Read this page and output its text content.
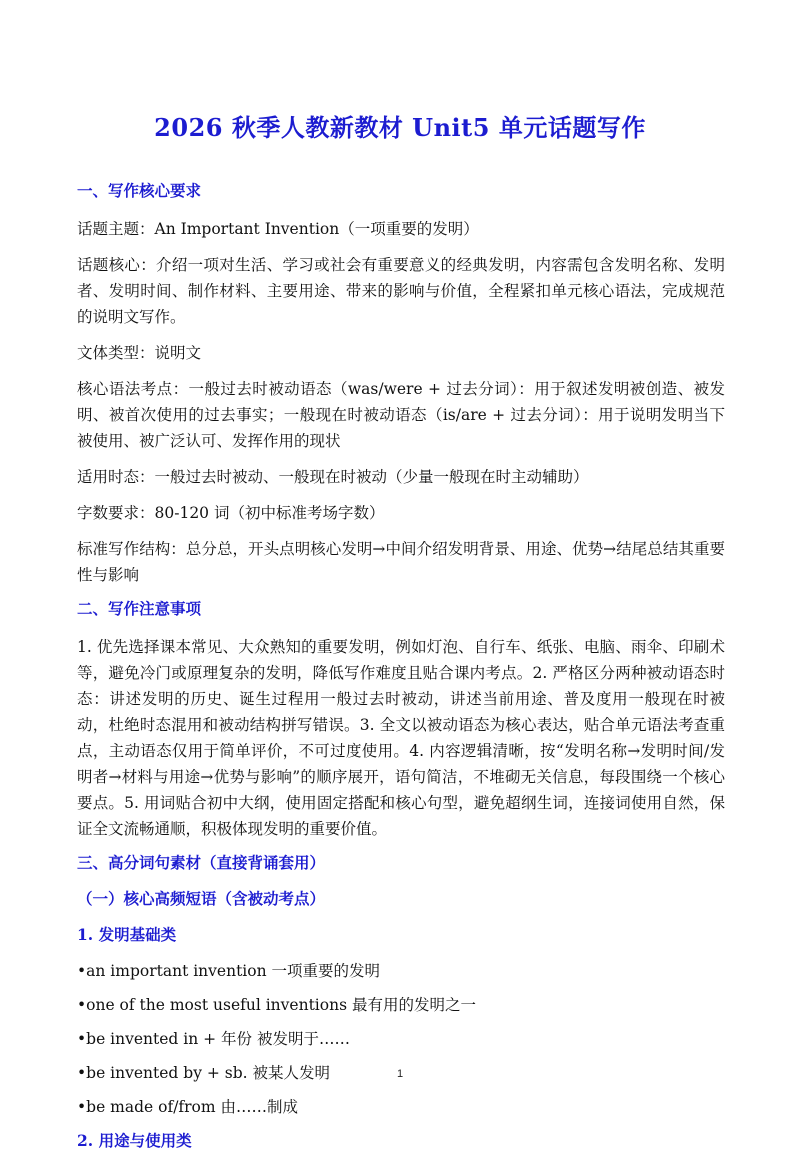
2026 秋季人教新教材 Unit5 单元话题写作
一、写作核心要求

话题主题：An Important Invention（一项重要的发明）

话题核心：介绍一项对生活、学习或社会有重要意义的经典发明，内容需包含发明名称、发明者、发明时间、制作材料、主要用途、带来的影响与价值，全程紧扣单元核心语法，完成规范的说明文写作。

文体类型：说明文

核心语法考点：一般过去时被动语态（was/were + 过去分词）：用于叙述发明被创造、被发明、被首次使用的过去事实；一般现在时被动语态（is/are + 过去分词）：用于说明发明当下被使用、被广泛认可、发挥作用的现状

适用时态：一般过去时被动、一般现在时被动（少量一般现在时主动辅助）

字数要求：80-120 词（初中标准考场字数）

标准写作结构：总分总，开头点明核心发明→中间介绍发明背景、用途、优势→结尾总结其重要性与影响

二、写作注意事项

1. 优先选择课本常见、大众熟知的重要发明，例如灯泡、自行车、纸张、电脑、雨伞、印刷术等，避免冷门或原理复杂的发明，降低写作难度且贴合课内考点。2. 严格区分两种被动语态时态：讲述发明的历史、诞生过程用一般过去时被动，讲述当前用途、普及度用一般现在时被动，杜绝时态混用和被动结构拼写错误。3. 全文以被动语态为核心表达，贴合单元语法考查重点，主动语态仅用于简单评价，不可过度使用。4. 内容逻辑清晰，按“发明名称→发明时间/发明者→材料与用途→优势与影响”的顺序展开，语句简洁，不堆砌无关信息，每段围绕一个核心要点。5. 用词贴合初中大纲，使用固定搭配和核心句型，避免超纲生词，连接词使用自然，保证全文流畅通顺，积极体现发明的重要价值。

三、高分词句素材（直接背诵套用）
（一）核心高频短语（含被动考点）
1. 发明基础类
•an important invention 一项重要的发明
•one of the most useful inventions 最有用的发明之一
•be invented in + 年份 被发明于……
•be invented by + sb. 被某人发明
•be made of/from 由……制成
2. 用途与使用类
1
